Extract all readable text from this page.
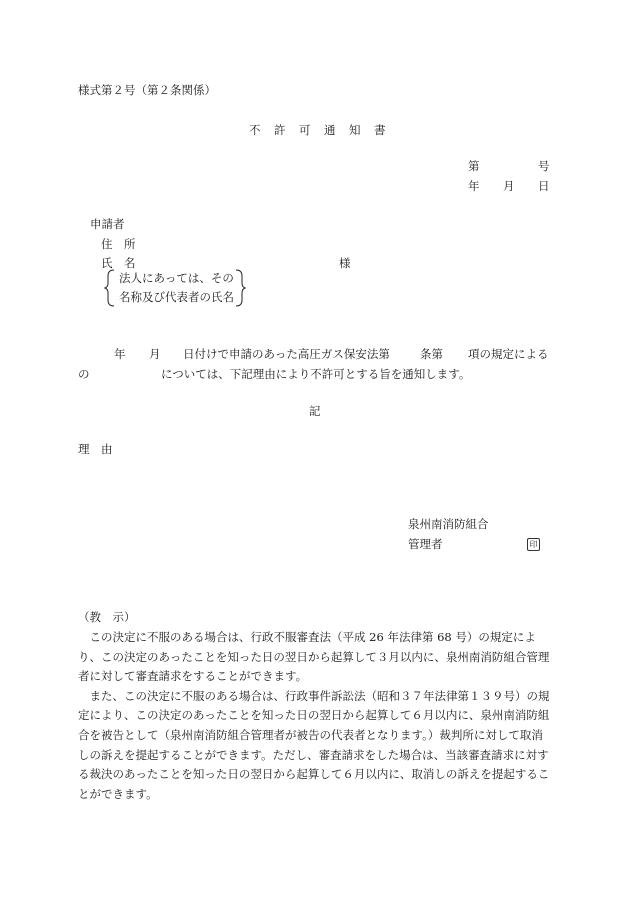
様式第２号（第２条関係）
不　許　可　通　知　書
第	号
年 月 日
申請者
住　所
氏　名	様
法人にあっては、その
名称及び代表者の氏名
年 月 日付けで申請のあった高圧ガス保安法第	条第 項の規定による
の	については、下記理由により不許可とする旨を通知します。
記
理　由
泉州南消防組合
管理者	印
（教　示）

この決定に不服のある場合は、行政不服審査法（平成 26 年法律第 68 号）の規定により、この決定のあったことを知った日の翌日から起算して３月以内に、泉州南消防組合管理者に対して審査請求をすることができます。

また、この決定に不服のある場合は、行政事件訴訟法（昭和３７年法律第１３９号）の規定により、この決定のあったことを知った日の翌日から起算して６月以内に、泉州南消防組合を被告として（泉州南消防組合管理者が被告の代表者となります。）裁判所に対して取消しの訴えを提起することができます。ただし、審査請求をした場合は、当該審査請求に対する裁決のあったことを知った日の翌日から起算して６月以内に、取消しの訴えを提起することができます。
